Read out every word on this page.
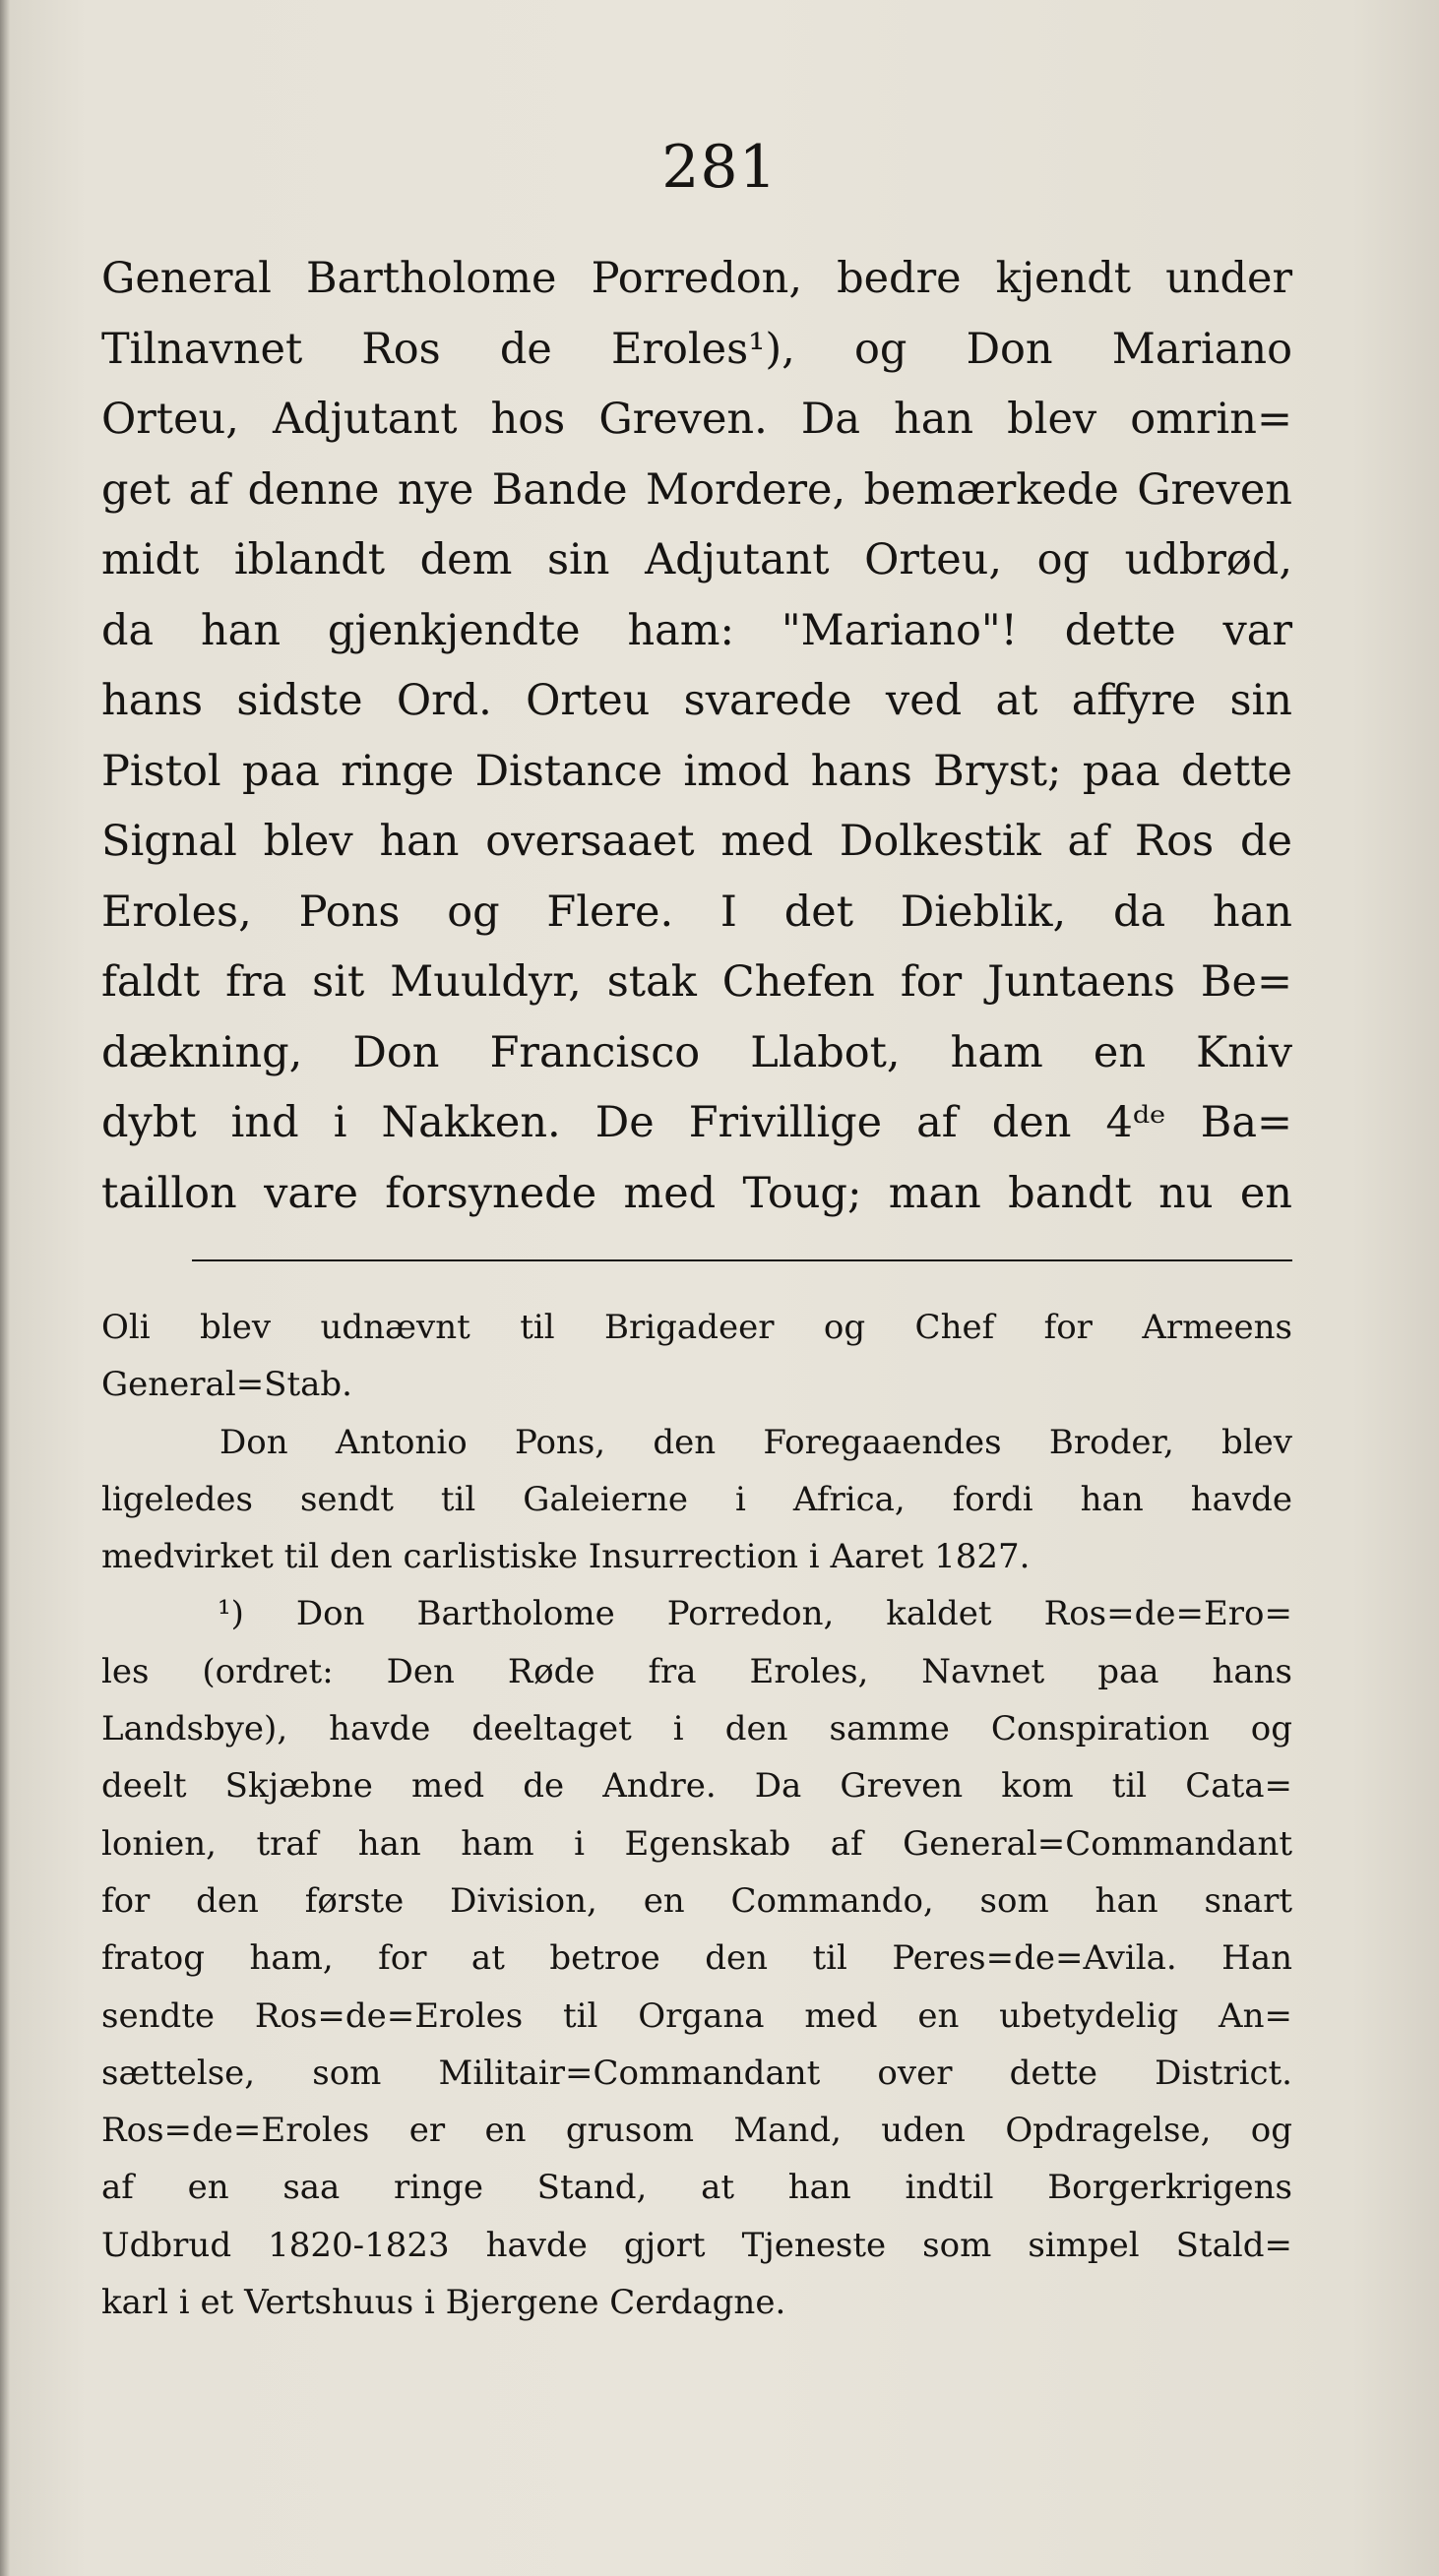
281
General Bartholome Porredon, bedre kjendt under
Tilnavnet Ros de Eroles¹), og Don Mariano
Orteu, Adjutant hos Greven. Da han blev omrin=
get af denne nye Bande Mordere, bemærkede Greven
midt iblandt dem sin Adjutant Orteu, og udbrød,
da han gjenkjendte ham: "Mariano"! dette var
hans sidste Ord. Orteu svarede ved at affyre sin
Pistol paa ringe Distance imod hans Bryst; paa dette
Signal blev han oversaaet med Dolkestik af Ros de
Eroles, Pons og Flere. I det Dieblik, da han
faldt fra sit Muuldyr, stak Chefen for Juntaens Be=
dækning, Don Francisco Llabot, ham en Kniv
dybt ind i Nakken. De Frivillige af den 4ᵈᵉ Ba=
taillon vare forsynede med Toug; man bandt nu en
Oli blev udnævnt til Brigadeer og Chef for Armeens
General=Stab.
Don Antonio Pons, den Foregaaendes Broder, blev
ligeledes sendt til Galeierne i Africa, fordi han havde
medvirket til den carlistiske Insurrection i Aaret 1827.
¹) Don Bartholome Porredon, kaldet Ros=de=Ero=
les (ordret: Den Røde fra Eroles, Navnet paa hans
Landsbye), havde deeltaget i den samme Conspiration og
deelt Skjæbne med de Andre. Da Greven kom til Cata=
lonien, traf han ham i Egenskab af General=Commandant
for den første Division, en Commando, som han snart
fratog ham, for at betroe den til Peres=de=Avila. Han
sendte Ros=de=Eroles til Organa med en ubetydelig An=
sættelse, som Militair=Commandant over dette District.
Ros=de=Eroles er en grusom Mand, uden Opdragelse, og
af en saa ringe Stand, at han indtil Borgerkrigens
Udbrud 1820-1823 havde gjort Tjeneste som simpel Stald=
karl i et Vertshuus i Bjergene Cerdagne.
